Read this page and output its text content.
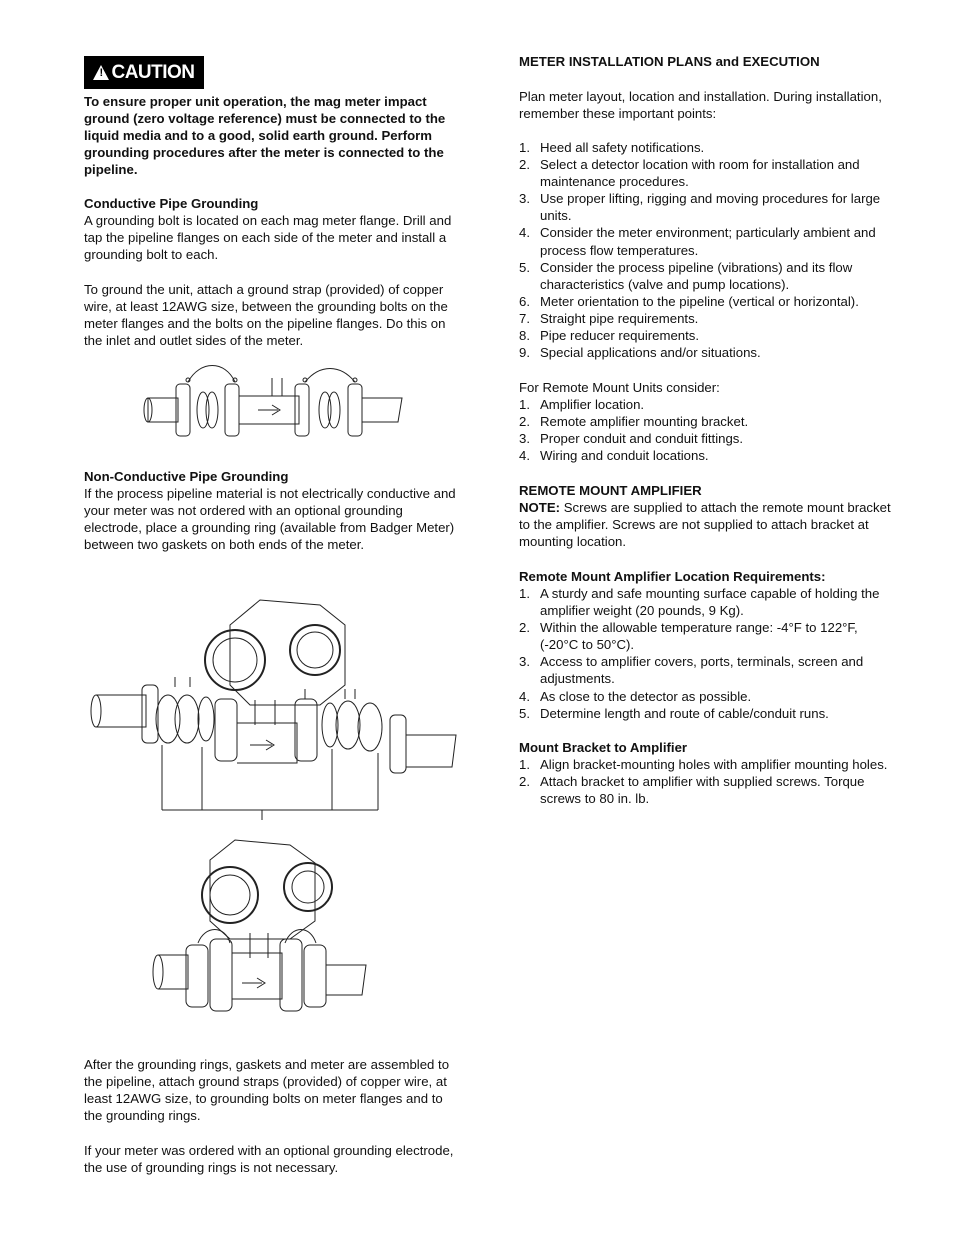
! CAUTION

To ensure proper unit operation, the mag meter impact ground (zero voltage reference) must be connected to the liquid media and to a good, solid earth ground. Perform grounding procedures after the meter is connected to the pipeline.

Conductive Pipe Grounding

A grounding bolt is located on each mag meter flange. Drill and tap the pipeline flanges on each side of the meter and install a grounding bolt to each.

To ground the unit, attach a ground strap (provided) of copper wire, at least 12AWG size, between the grounding bolts on the meter flanges and the bolts on the pipeline flanges. Do this on the inlet and outlet sides of the meter.

Non-Conductive Pipe Grounding

If the process pipeline material is not electrically conductive and your meter was not ordered with an optional grounding electrode, place a grounding ring (available from Badger Meter) between two gaskets on both ends of the meter.

After the grounding rings, gaskets and meter are assembled to the pipeline, attach ground straps (provided) of copper wire, at least 12AWG size, to grounding bolts on meter flanges and to the grounding rings.

If your meter was ordered with an optional grounding electrode, the use of grounding rings is not necessary.

METER INSTALLATION PLANS and EXECUTION

Plan meter layout, location and installation. During installation, remember these important points:

1. Heed all safety notifications.
2. Select a detector location with room for installation and maintenance procedures.
3. Use proper lifting, rigging and moving procedures for large units.
4. Consider the meter environment; particularly ambient and process flow temperatures.
5. Consider the process pipeline (vibrations) and its flow characteristics (valve and pump locations).
6. Meter orientation to the pipeline (vertical or horizontal).
7. Straight pipe requirements.
8. Pipe reducer requirements.
9. Special applications and/or situations.

For Remote Mount Units consider:

1. Amplifier location.
2. Remote amplifier mounting bracket.
3. Proper conduit and conduit fittings.
4. Wiring and conduit locations.

REMOTE MOUNT AMPLIFIER

NOTE: Screws are supplied to attach the remote mount bracket to the amplifier. Screws are not supplied to attach bracket at mounting location.

Remote Mount Amplifier Location Requirements:

1. A sturdy and safe mounting surface capable of holding the amplifier weight (20 pounds, 9 Kg).
2. Within the allowable temperature range: -4°F to 122°F, (-20°C to 50°C).
3. Access to amplifier covers, ports, terminals, screen and adjustments.
4. As close to the detector as possible.
5. Determine length and route of cable/conduit runs.

Mount Bracket to Amplifier

1. Align bracket-mounting holes with amplifier mounting holes.
2. Attach bracket to amplifier with supplied screws. Torque screws to 80 in. lb.
